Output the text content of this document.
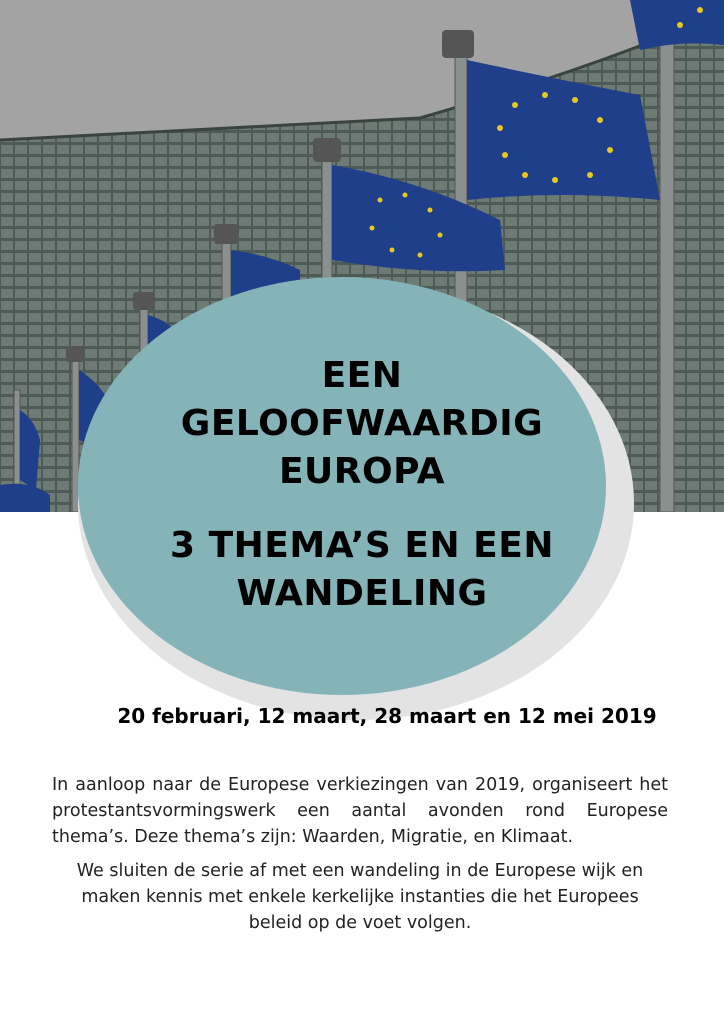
EEN
GELOOFWAARDIG
EUROPA
3 THEMA’S EN EEN
WANDELING
20 februari, 12 maart, 28 maart en 12 mei 2019
In aanloop naar de Europese verkiezingen van 2019, organiseert het protestantsvormingswerk een aantal avonden rond Europese thema’s. Deze thema’s zijn: Waarden, Migratie, en Klimaat.
We sluiten de serie af met een wandeling in de Europese wijk en maken kennis met enkele kerkelijke instanties die het Europees beleid op de voet volgen.
